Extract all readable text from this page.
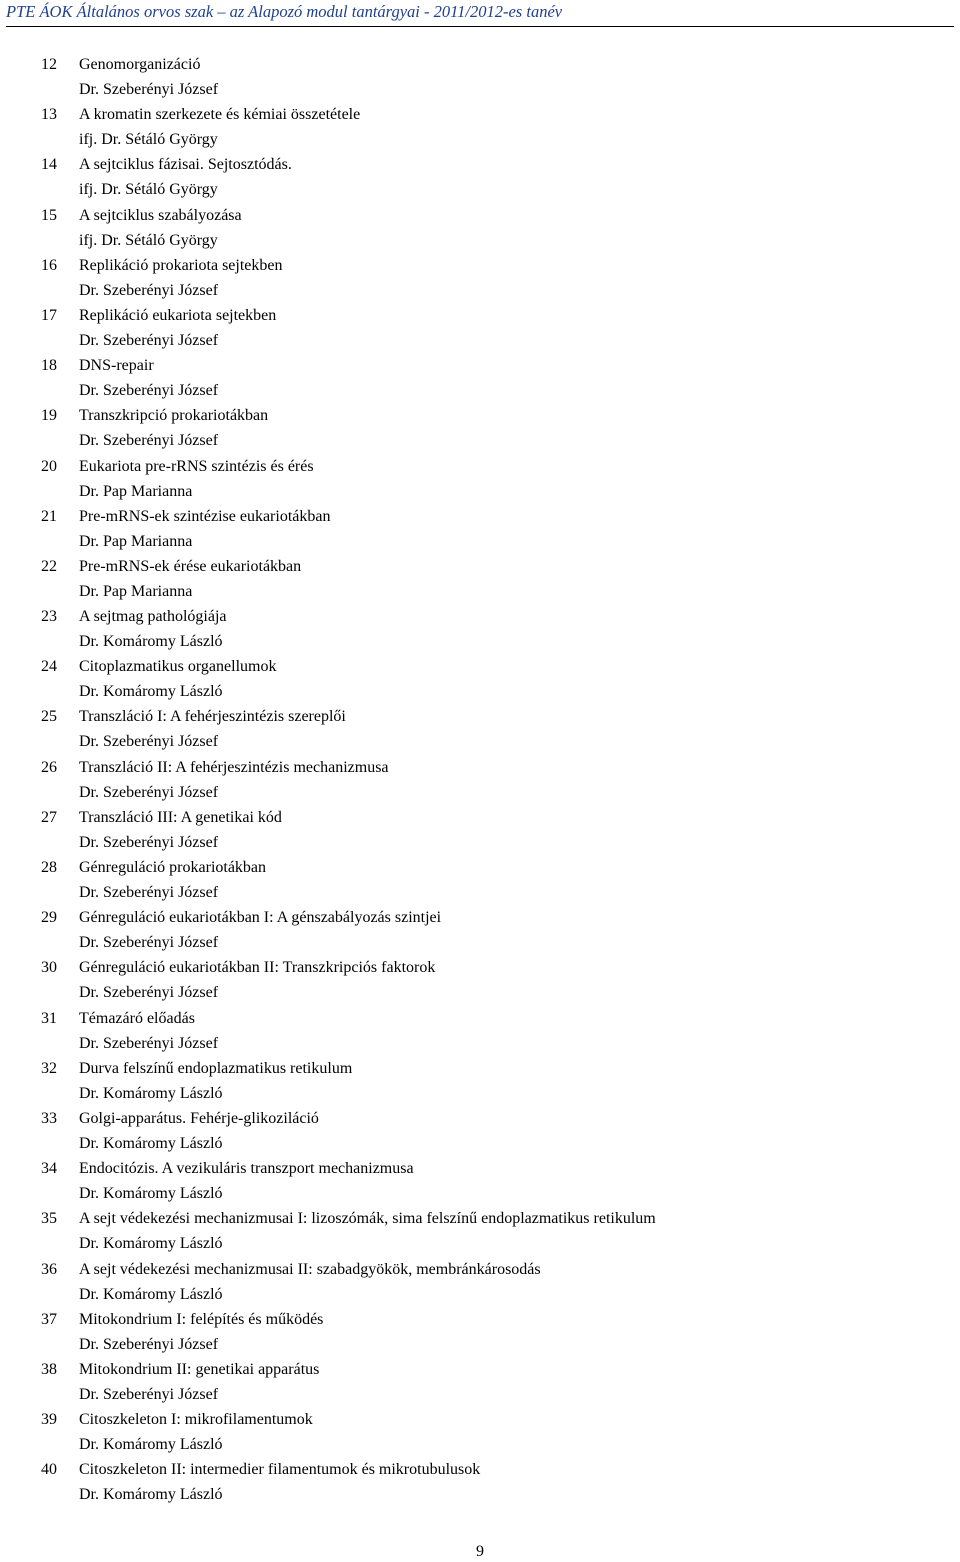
PTE ÁOK Általános orvos szak – az Alapozó modul tantárgyai - 2011/2012-es tanév
12 Genomorganizáció
Dr. Szeberényi József
13 A kromatin szerkezete és kémiai összetétele
ifj. Dr. Sétáló György
14 A sejtciklus fázisai. Sejtosztódás.
ifj. Dr. Sétáló György
15 A sejtciklus szabályozása
ifj. Dr. Sétáló György
16 Replikáció prokariota sejtekben
Dr. Szeberényi József
17 Replikáció eukariota sejtekben
Dr. Szeberényi József
18 DNS-repair
Dr. Szeberényi József
19 Transzkripció prokariotákban
Dr. Szeberényi József
20 Eukariota pre-rRNS szintézis és érés
Dr. Pap Marianna
21 Pre-mRNS-ek szintézise eukariotákban
Dr. Pap Marianna
22 Pre-mRNS-ek érése eukariotákban
Dr. Pap Marianna
23 A sejtmag pathológiája
Dr. Komáromy László
24 Citoplazmatikus organellumok
Dr. Komáromy László
25 Transzláció I: A fehérjeszintézis szereplői
Dr. Szeberényi József
26 Transzláció II: A fehérjeszintézis mechanizmusa
Dr. Szeberényi József
27 Transzláció III: A genetikai kód
Dr. Szeberényi József
28 Génreguláció prokariotákban
Dr. Szeberényi József
29 Génreguláció eukariotákban I: A génszabályozás szintjei
Dr. Szeberényi József
30 Génreguláció eukariotákban II: Transzkripciós faktorok
Dr. Szeberényi József
31 Témazáró előadás
Dr. Szeberényi József
32 Durva felszínű endoplazmatikus retikulum
Dr. Komáromy László
33 Golgi-apparátus. Fehérje-glikoziláció
Dr. Komáromy László
34 Endocitózis. A vezikuláris transzport mechanizmusa
Dr. Komáromy László
35 A sejt védekezési mechanizmusai I: lizoszómák, sima felszínű endoplazmatikus retikulum
Dr. Komáromy László
36 A sejt védekezési mechanizmusai II: szabadgyökök, membránkárosodás
Dr. Komáromy László
37 Mitokondrium I: felépítés és működés
Dr. Szeberényi József
38 Mitokondrium II: genetikai apparátus
Dr. Szeberényi József
39 Citoszkeleton I: mikrofilamentumok
Dr. Komáromy László
40 Citoszkeleton II: intermedier filamentumok és mikrotubulusok
Dr. Komáromy László
9
